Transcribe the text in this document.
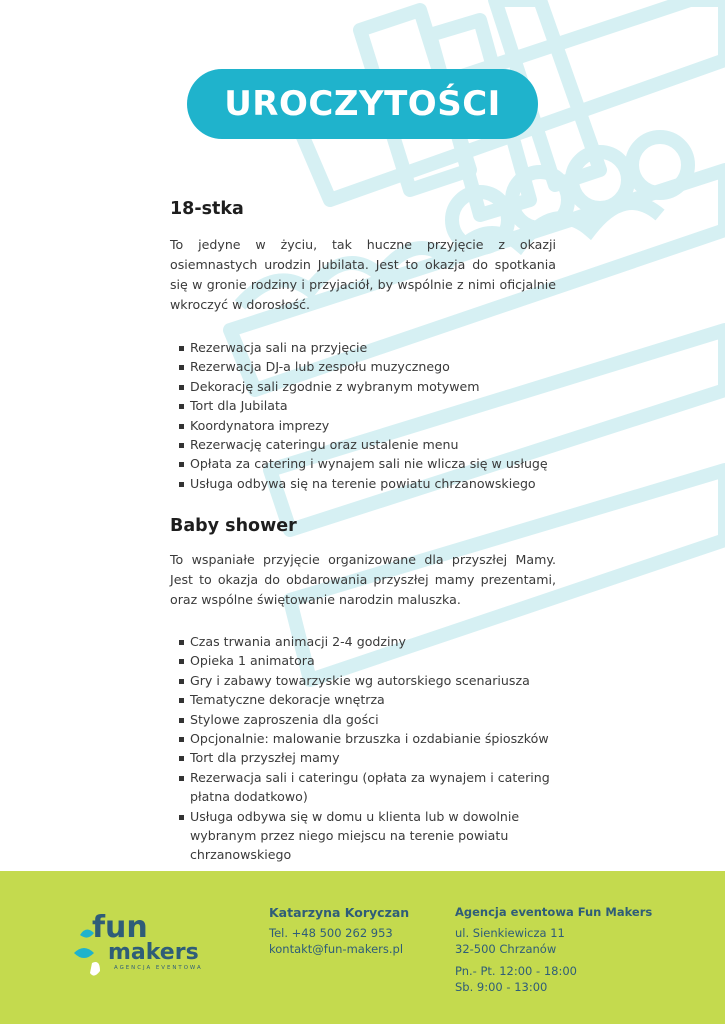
UROCZYTOŚCI
18-stka

To jedyne w życiu, tak huczne przyjęcie z okazji osiemnastych urodzin Jubilata. Jest to okazja do spotkania się w gronie rodziny i przyjaciół, by wspólnie z nimi oficjalnie wkroczyć w dorosłość.

Rezerwacja sali na przyjęcie
Rezerwacja DJ-a lub zespołu muzycznego
Dekorację sali zgodnie z wybranym motywem
Tort dla Jubilata
Koordynatora imprezy
Rezerwację cateringu oraz ustalenie menu
Opłata za catering i wynajem sali nie wlicza się w usługę
Usługa odbywa się na terenie powiatu chrzanowskiego
Baby shower

To wspaniałe przyjęcie organizowane dla przyszłej Mamy. Jest to okazja do obdarowania przyszłej mamy prezentami, oraz wspólne świętowanie narodzin maluszka.

Czas trwania animacji 2-4 godziny
Opieka 1 animatora
Gry i zabawy towarzyskie wg autorskiego scenariusza
Tematyczne dekoracje wnętrza
Stylowe zaproszenia dla gości
Opcjonalnie: malowanie brzuszka i ozdabianie śpioszków
Tort dla przyszłej mamy
Rezerwacja sali i cateringu (opłata za wynajem i catering płatna dodatkowo)
Usługa odbywa się w domu u klienta lub w dowolnie wybranym przez niego miejscu na terenie powiatu chrzanowskiego
fun
makers
AGENCJA EVENTOWA
Katarzyna Koryczan
Tel. +48 500 262 953
kontakt@fun-makers.pl
Agencja eventowa Fun Makers
ul. Sienkiewicza 11
32-500 Chrzanów
Pn.- Pt. 12:00 - 18:00
Sb. 9:00 - 13:00
